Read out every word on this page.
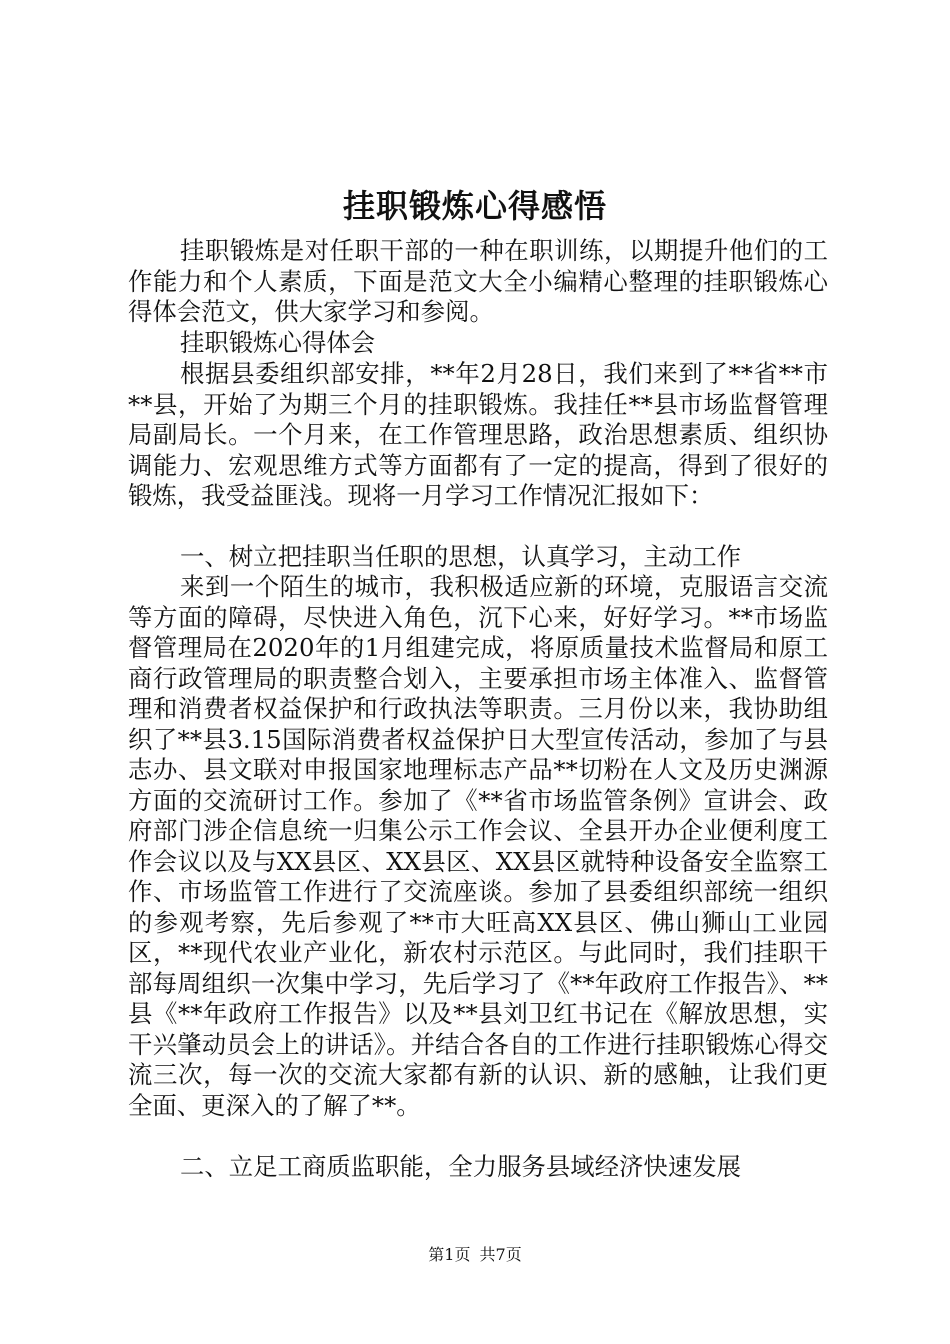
挂职锻炼心得感悟

挂职锻炼是对任职干部的一种在职训练，以期提升他们的工作能力和个人素质，下面是范文大全小编精心整理的挂职锻炼心得体会范文，供大家学习和参阅。

挂职锻炼心得体会

根据县委组织部安排，**年2月28日，我们来到了**省**市**县，开始了为期三个月的挂职锻炼。我挂任**县市场监督管理局副局长。一个月来，在工作管理思路，政治思想素质、组织协调能力、宏观思维方式等方面都有了一定的提高，得到了很好的锻炼，我受益匪浅。现将一月学习工作情况汇报如下：

一、树立把挂职当任职的思想，认真学习，主动工作

来到一个陌生的城市，我积极适应新的环境，克服语言交流等方面的障碍，尽快进入角色，沉下心来，好好学习。**市场监督管理局在2020年的1月组建完成，将原质量技术监督局和原工商行政管理局的职责整合划入，主要承担市场主体准入、监督管理和消费者权益保护和行政执法等职责。三月份以来，我协助组织了**县3.15国际消费者权益保护日大型宣传活动，参加了与县志办、县文联对申报国家地理标志产品**切粉在人文及历史渊源方面的交流研讨工作。参加了《**省市场监管条例》宣讲会、政府部门涉企信息统一归集公示工作会议、全县开办企业便利度工作会议以及与XX县区、XX县区、XX县区就特种设备安全监察工作、市场监管工作进行了交流座谈。参加了县委组织部统一组织的参观考察，先后参观了**市大旺高XX县区、佛山狮山工业园区，**现代农业产业化，新农村示范区。与此同时，我们挂职干部每周组织一次集中学习，先后学习了《**年政府工作报告》、**县《**年政府工作报告》以及**县刘卫红书记在《解放思想，实干兴肇动员会上的讲话》。并结合各自的工作进行挂职锻炼心得交流三次，每一次的交流大家都有新的认识、新的感触，让我们更全面、更深入的了解了**。

二、立足工商质监职能，全力服务县域经济快速发展

第1页 共7页
